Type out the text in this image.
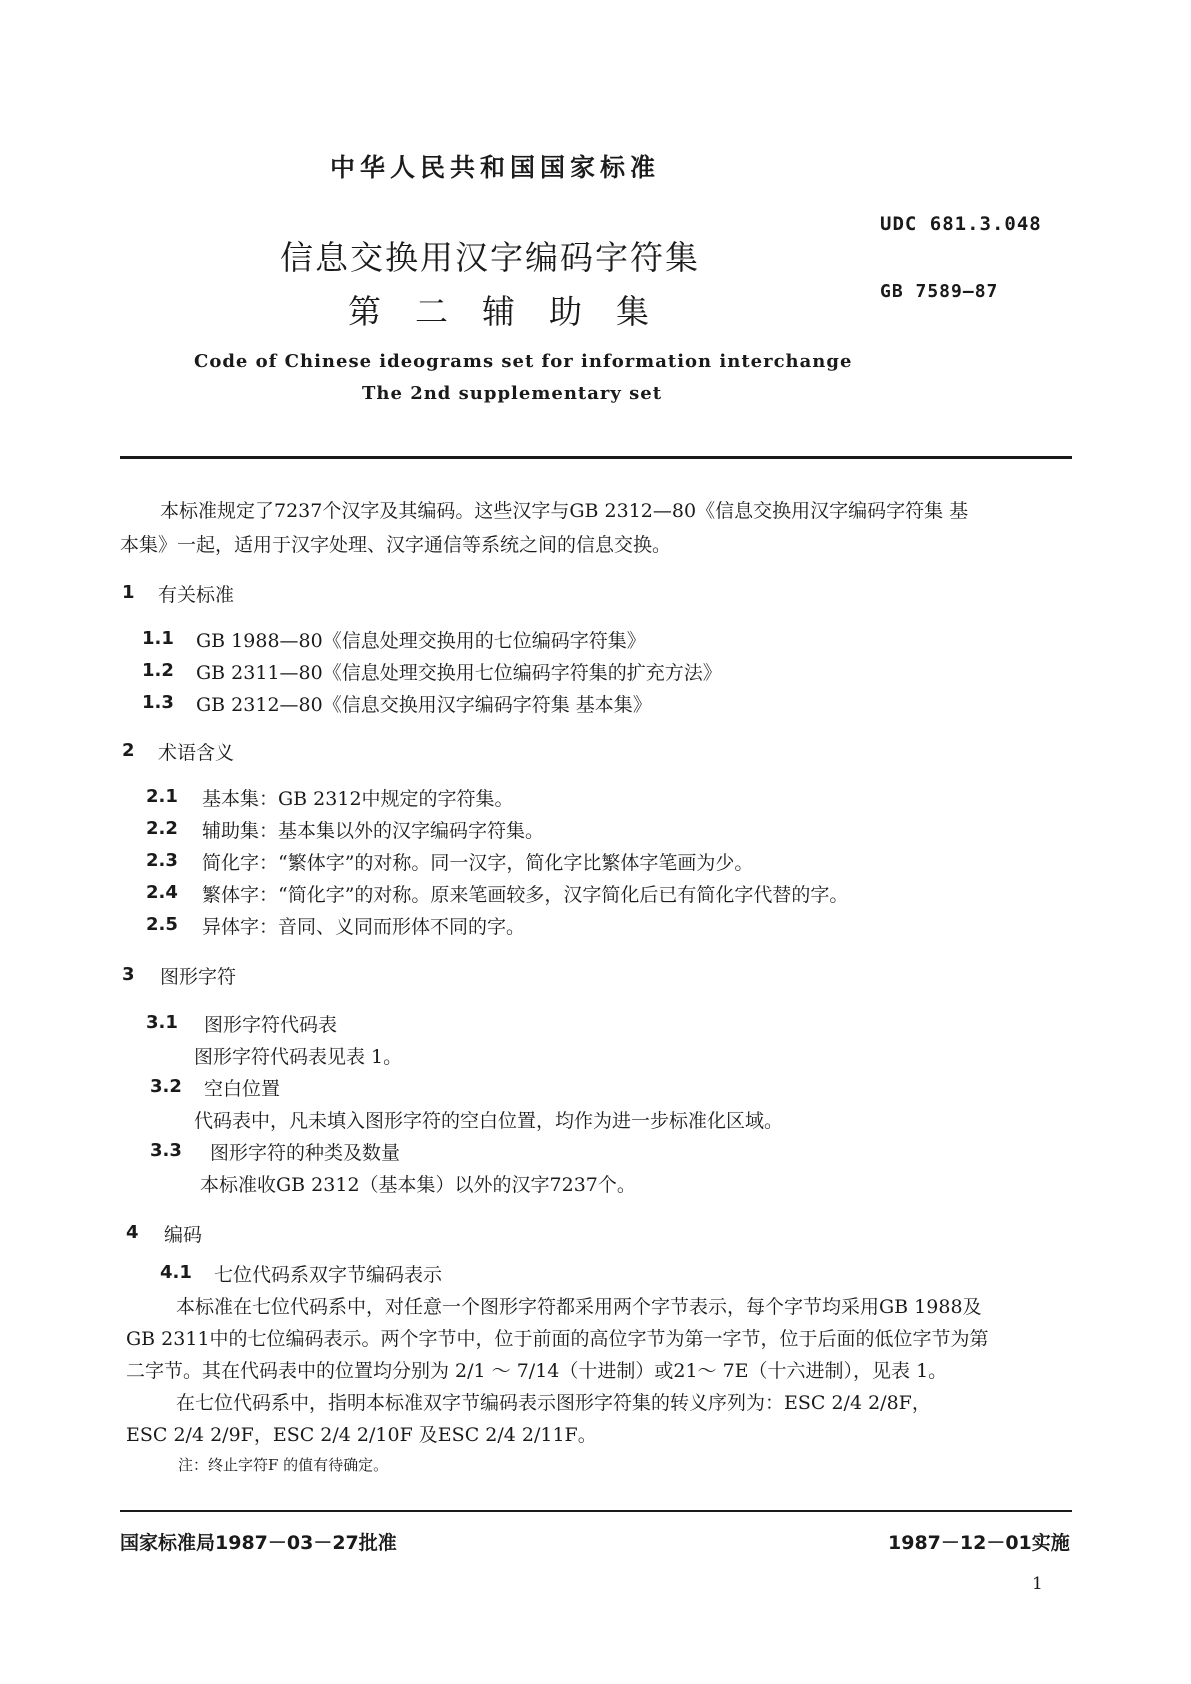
中华人民共和国国家标准
信息交换用汉字编码字符集
第二辅助集
UDC 681.3.048
GB 7589—87
Code of Chinese ideograms set for information interchange
The 2nd supplementary set
本标准规定了7237个汉字及其编码。这些汉字与GB 2312—80《信息交换用汉字编码字符集 基
本集》一起，适用于汉字处理、汉字通信等系统之间的信息交换。
1 有关标准
1.1 GB 1988—80《信息处理交换用的七位编码字符集》
1.2 GB 2311—80《信息处理交换用七位编码字符集的扩充方法》
1.3 GB 2312—80《信息交换用汉字编码字符集 基本集》
2 术语含义
2.1 基本集：GB 2312中规定的字符集。
2.2 辅助集：基本集以外的汉字编码字符集。
2.3 简化字：“繁体字”的对称。同一汉字，简化字比繁体字笔画为少。
2.4 繁体字：“简化字”的对称。原来笔画较多，汉字简化后已有简化字代替的字。
2.5 异体字：音同、义同而形体不同的字。
3 图形字符
3.1 图形字符代码表
图形字符代码表见表 1。
3.2 空白位置
代码表中，凡未填入图形字符的空白位置，均作为进一步标准化区域。
3.3 图形字符的种类及数量
本标准收GB 2312（基本集）以外的汉字7237个。
4 编码
4.1 七位代码系双字节编码表示
本标准在七位代码系中，对任意一个图形字符都采用两个字节表示，每个字节均采用GB 1988及
GB 2311中的七位编码表示。两个字节中，位于前面的高位字节为第一字节，位于后面的低位字节为第
二字节。其在代码表中的位置均分别为 2/1 ～ 7/14（十进制）或21～ 7E（十六进制），见表 1。
在七位代码系中，指明本标准双字节编码表示图形字符集的转义序列为：ESC 2/4 2/8F，
ESC 2/4 2/9F，ESC 2/4 2/10F 及ESC 2/4 2/11F。
注：终止字符F 的值有待确定。
国家标准局1987－03－27批准	1987－12－01实施
1
